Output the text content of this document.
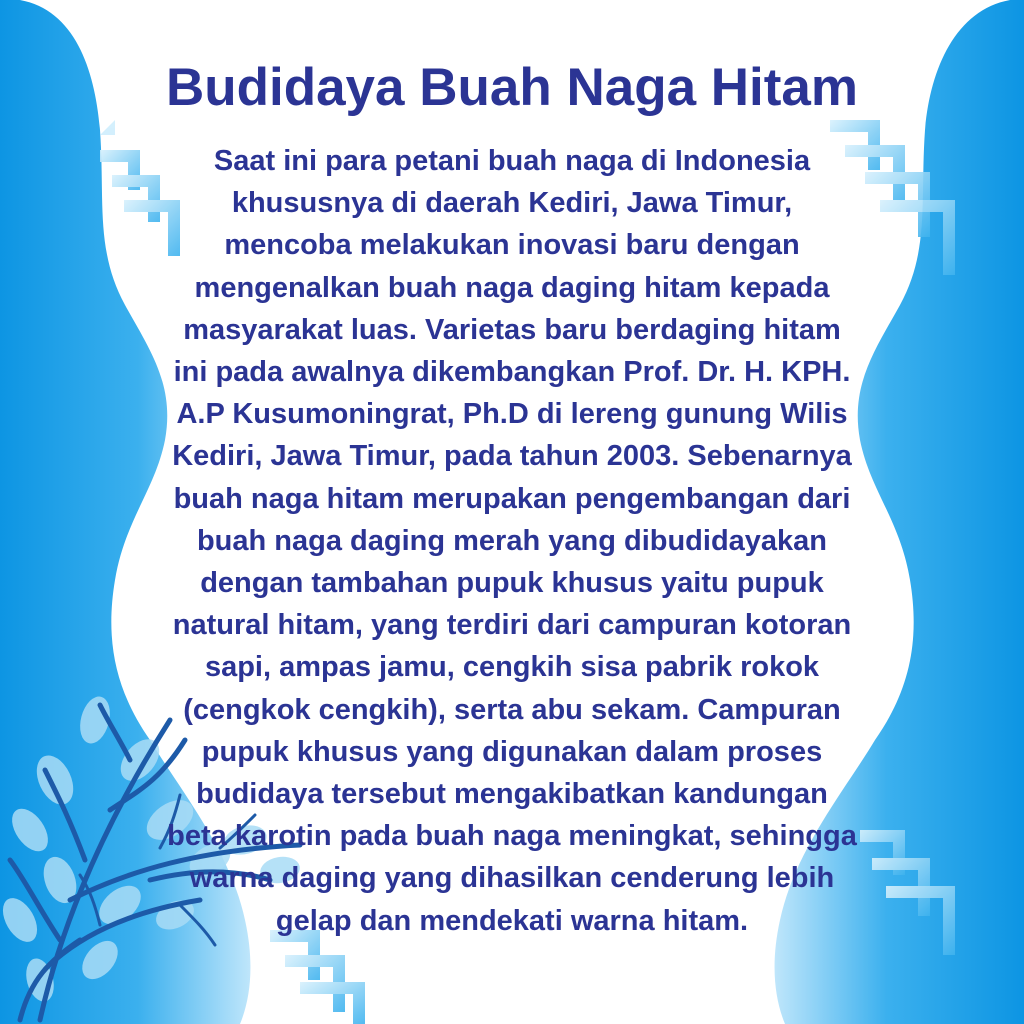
Budidaya Buah Naga Hitam

Saat ini para petani buah naga di Indonesia
khususnya di daerah Kediri, Jawa Timur,
mencoba melakukan inovasi baru dengan
mengenalkan buah naga daging hitam kepada
masyarakat luas. Varietas baru berdaging hitam
ini pada awalnya dikembangkan Prof. Dr. H. KPH.
A.P Kusumoningrat, Ph.D di lereng gunung Wilis
Kediri, Jawa Timur, pada tahun 2003. Sebenarnya
buah naga hitam merupakan pengembangan dari
buah naga daging merah yang dibudidayakan
dengan tambahan pupuk khusus yaitu pupuk
natural hitam, yang terdiri dari campuran kotoran
sapi, ampas jamu, cengkih sisa pabrik rokok
(cengkok cengkih), serta abu sekam. Campuran
pupuk khusus yang digunakan dalam proses
budidaya tersebut mengakibatkan kandungan
beta karotin pada buah naga meningkat, sehingga
warna daging yang dihasilkan cenderung lebih
gelap dan mendekati warna hitam.
